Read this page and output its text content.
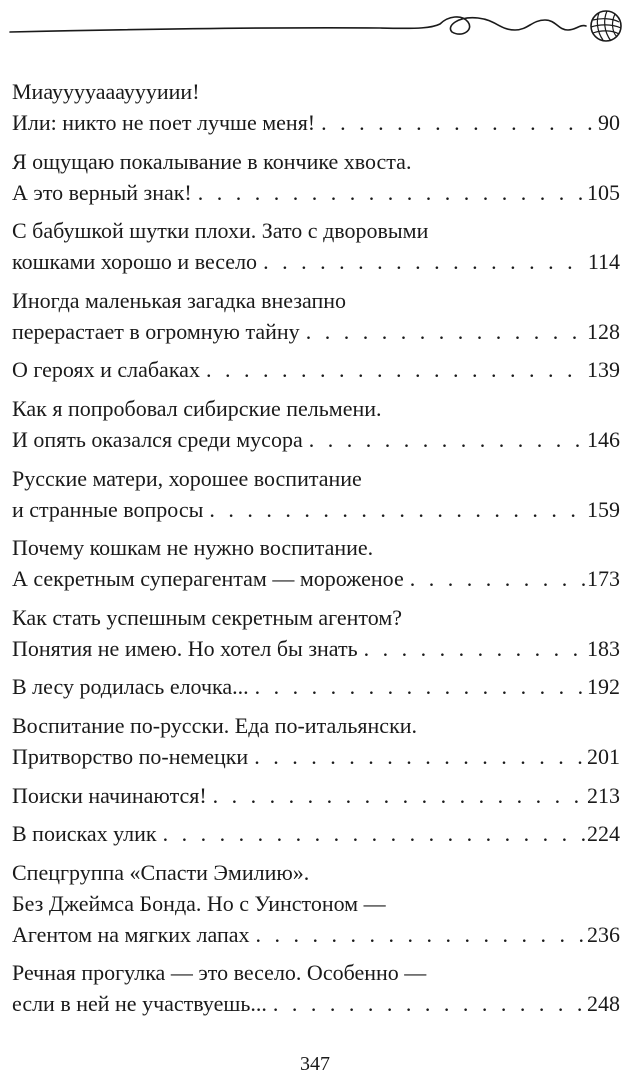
Миаууууааауууиии!
Или: никто не поет лучше меня! . . .	90
Я ощущаю покалывание в кончике хвоста.
А это верный знак! . . .	105
С бабушкой шутки плохи. Зато с дворовыми
кошками хорошо и весело . . .	114
Иногда маленькая загадка внезапно
перерастает в огромную тайну . . .	128
О героях и слабаках . . .	139
Как я попробовал сибирские пельмени.
И опять оказался среди мусора . . .	146
Русские матери, хорошее воспитание
и странные вопросы . . .	159
Почему кошкам не нужно воспитание.
А секретным суперагентам — мороженое . . .	173
Как стать успешным секретным агентом?
Понятия не имею. Но хотел бы знать . . .	183
В лесу родилась елочка... . . .	192
Воспитание по-русски. Еда по-итальянски.
Притворство по-немецки . . .	201
Поиски начинаются! . . .	213
В поисках улик . . .	224
Спецгруппа «Спасти Эмилию».
Без Джеймса Бонда. Но с Уинстоном —
Агентом на мягких лапах . . .	236
Речная прогулка — это весело. Особенно —
если в ней не участвуешь... . . .	248
347
